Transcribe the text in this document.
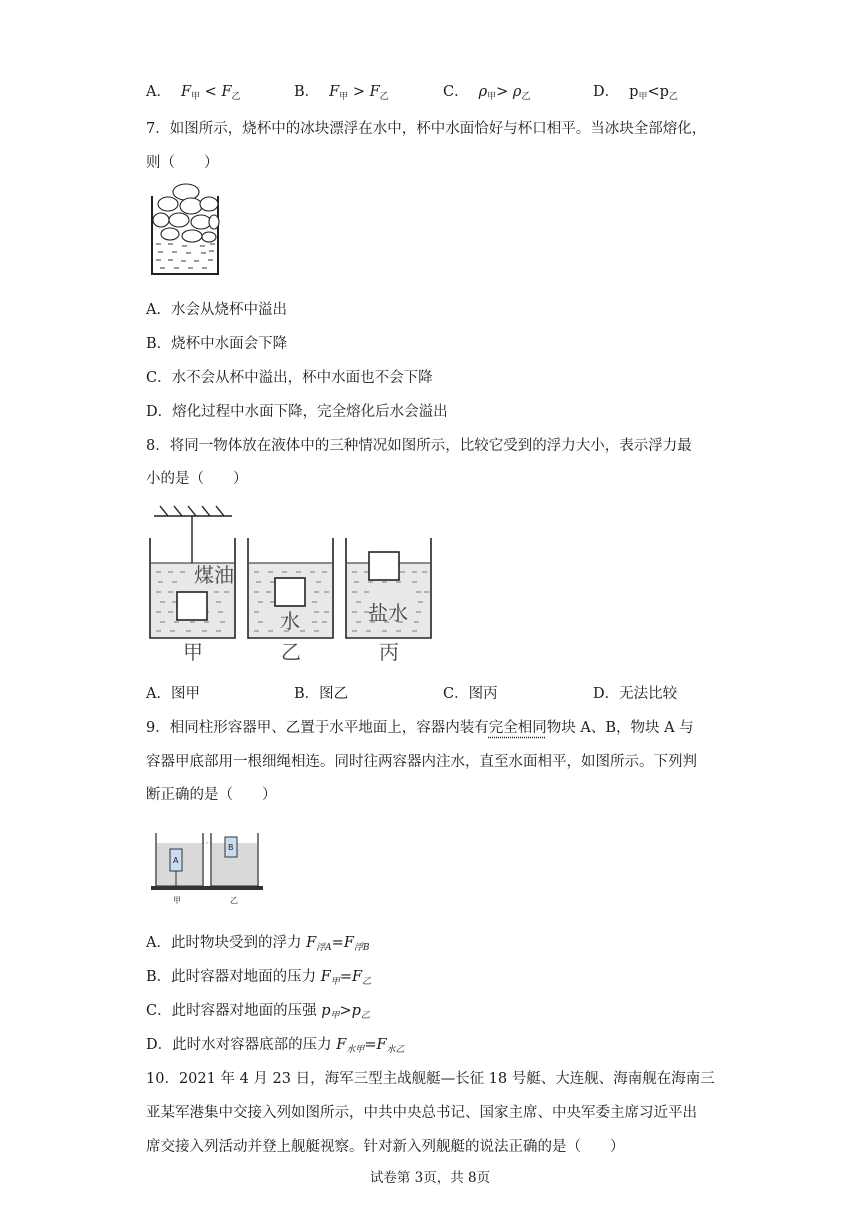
A． $F_甲 < F_乙$	B． $F_甲 > F_乙$	C． $\rho_甲> \rho_乙$	D． $p_甲<p_乙$
7．如图所示，烧杯中的冰块漂浮在水中，杯中水面恰好与杯口相平。当冰块全部熔化，
则（　　）
A．水会从烧杯中溢出
B．烧杯中水面会下降
C．水不会从杯中溢出，杯中水面也不会下降
D．熔化过程中水面下降，完全熔化后水会溢出
8．将同一物体放在液体中的三种情况如图所示，比较它受到的浮力大小，表示浮力最
小的是（　　）
煤油
水	盐水
甲	乙	丙
A．图甲	B．图乙	C．图丙	D．无法比较
9．相同柱形容器甲、乙置于水平地面上，容器内装有完全相同物块 A、B，物块 A 与
容器甲底部用一根细绳相连。同时往两容器内注水，直至水面相平，如图所示。下列判
断正确的是（　　）
A
B
甲	乙
A．此时物块受到的浮力 $F_{浮A}=F_{浮B}$
B．此时容器对地面的压力 $F_甲=F_乙$
C．此时容器对地面的压强 $p_甲>p_乙$
D．此时水对容器底部的压力 $F_{水甲}=F_{水乙}$
10．2021 年 4 月 23 日，海军三型主战舰艇—长征 18 号艇、大连舰、海南舰在海南三
亚某军港集中交接入列如图所示，中共中央总书记、国家主席、中央军委主席习近平出
席交接入列活动并登上舰艇视察。针对新入列舰艇的说法正确的是（　　）
试卷第 3页，共 8页
